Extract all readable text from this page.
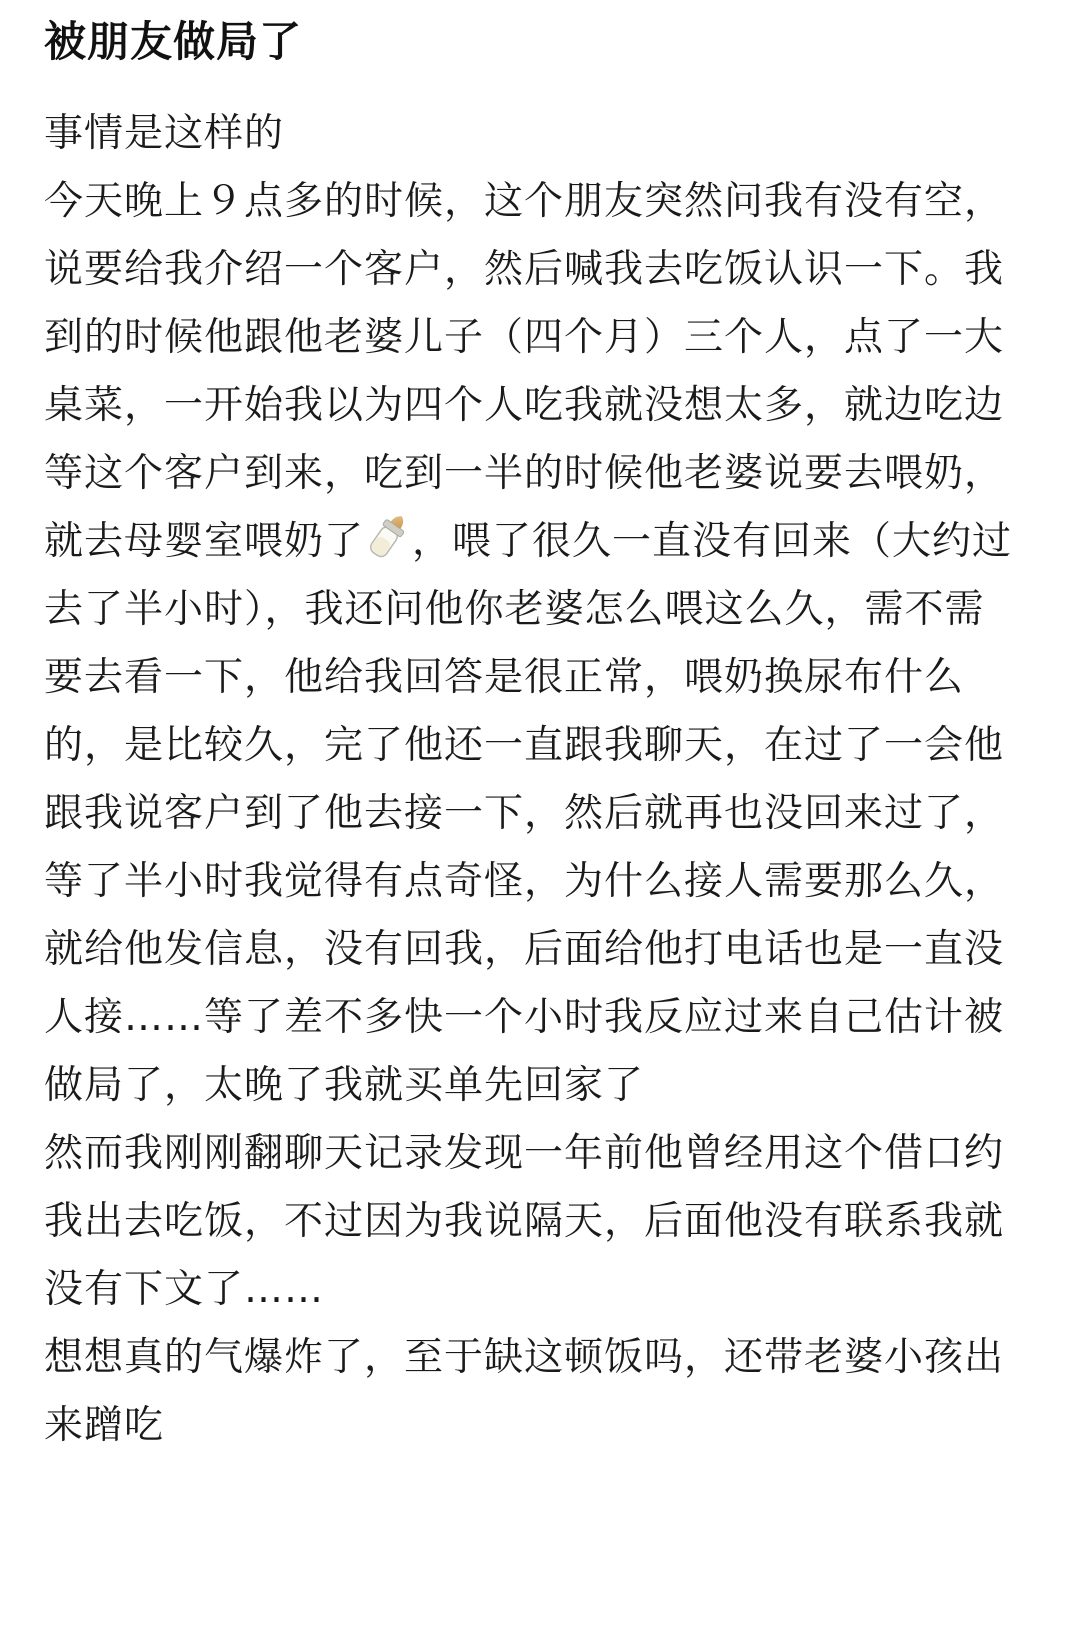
被朋友做局了

事情是这样的

今天晚上９点多的时候，这个朋友突然问我有没有空，说要给我介绍一个客户，然后喊我去吃饭认识一下。我到的时候他跟他老婆儿子（四个月）三个人，点了一大桌菜，一开始我以为四个人吃我就没想太多，就边吃边等这个客户到来，吃到一半的时候他老婆说要去喂奶，就去母婴室喂奶了 ，喂了很久一直没有回来（大约过去了半小时），我还问他你老婆怎么喂这么久，需不需要去看一下，他给我回答是很正常，喂奶换尿布什么的，是比较久，完了他还一直跟我聊天，在过了一会他跟我说客户到了他去接一下，然后就再也没回来过了，等了半小时我觉得有点奇怪，为什么接人需要那么久，就给他发信息，没有回我，后面给他打电话也是一直没人接……等了差不多快一个小时我反应过来自己估计被做局了，太晚了我就买单先回家了

然而我刚刚翻聊天记录发现一年前他曾经用这个借口约我出去吃饭，不过因为我说隔天，后面他没有联系我就没有下文了……

想想真的气爆炸了，至于缺这顿饭吗，还带老婆小孩出来蹭吃
